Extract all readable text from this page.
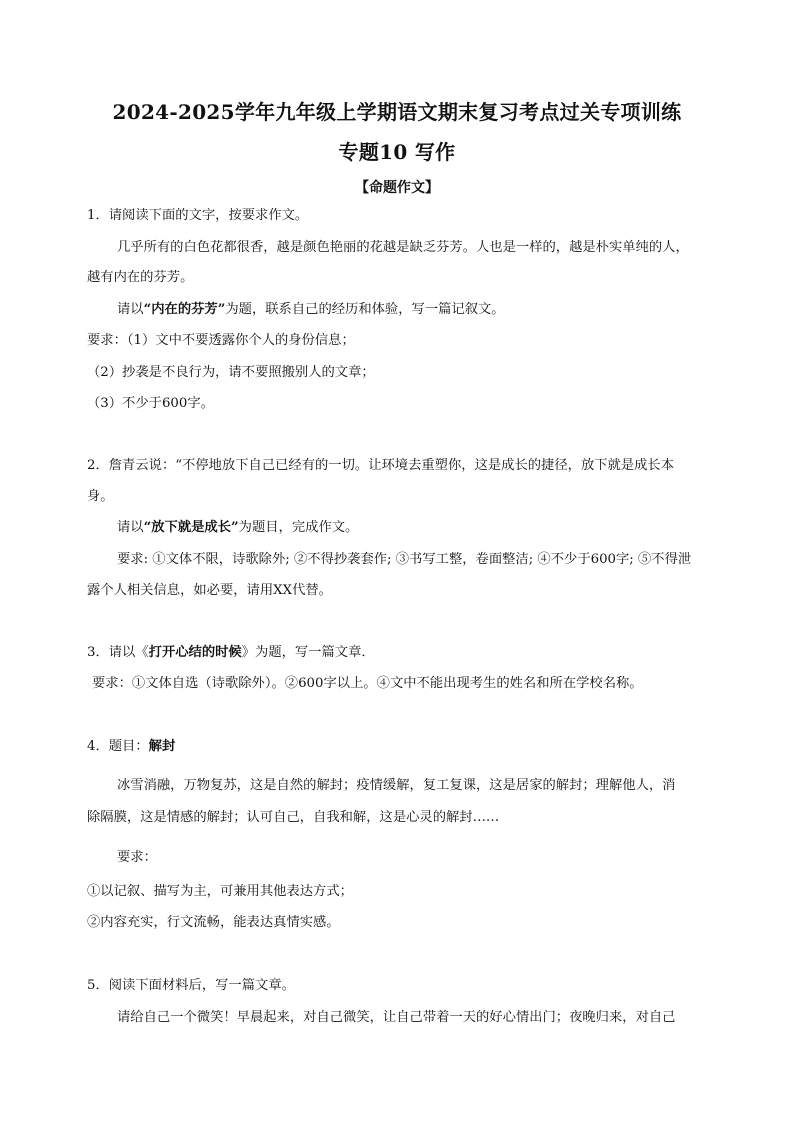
2024-2025学年九年级上学期语文期末复习考点过关专项训练
专题10 写作
【命题作文】
1．请阅读下面的文字，按要求作文。
几乎所有的白色花都很香，越是颜色艳丽的花越是缺乏芬芳。人也是一样的，越是朴实单纯的人，
越有内在的芬芳。
请以“内在的芬芳”为题，联系自己的经历和体验，写一篇记叙文。
要求：（1）文中不要透露你个人的身份信息；
（2）抄袭是不良行为，请不要照搬别人的文章；
（3）不少于600字。
2．詹青云说：“不停地放下自己已经有的一切。让环境去重塑你，这是成长的捷径，放下就是成长本
身。
请以“放下就是成长”为题目，完成作文。
要求: ①文体不限，诗歌除外; ②不得抄袭套作; ③书写工整，卷面整洁; ④不少于600字; ⑤不得泄
露个人相关信息，如必要，请用XX代替。
3．请以《打开心结的时候》为题，写一篇文章．
要求：①文体自选（诗歌除外）。②600字以上。④文中不能出现考生的姓名和所在学校名称。
4．题目：解封
冰雪消融，万物复苏，这是自然的解封；疫情缓解，复工复课，这是居家的解封；理解他人，消
除隔膜，这是情感的解封；认可自己，自我和解，这是心灵的解封……
要求：
①以记叙、描写为主，可兼用其他表达方式；
②内容充实，行文流畅，能表达真情实感。
5．阅读下面材料后，写一篇文章。
请给自己一个微笑！早晨起来，对自己微笑，让自己带着一天的好心情出门；夜晚归来，对自己
